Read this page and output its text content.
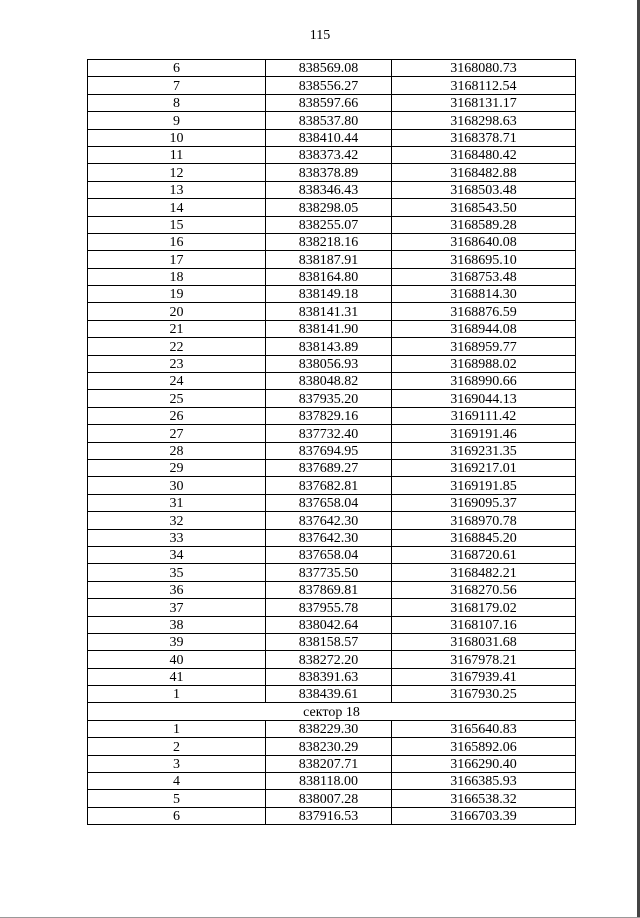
115
6	838569.08	3168080.73
7	838556.27	3168112.54
8	838597.66	3168131.17
9	838537.80	3168298.63
10	838410.44	3168378.71
11	838373.42	3168480.42
12	838378.89	3168482.88
13	838346.43	3168503.48
14	838298.05	3168543.50
15	838255.07	3168589.28
16	838218.16	3168640.08
17	838187.91	3168695.10
18	838164.80	3168753.48
19	838149.18	3168814.30
20	838141.31	3168876.59
21	838141.90	3168944.08
22	838143.89	3168959.77
23	838056.93	3168988.02
24	838048.82	3168990.66
25	837935.20	3169044.13
26	837829.16	3169111.42
27	837732.40	3169191.46
28	837694.95	3169231.35
29	837689.27	3169217.01
30	837682.81	3169191.85
31	837658.04	3169095.37
32	837642.30	3168970.78
33	837642.30	3168845.20
34	837658.04	3168720.61
35	837735.50	3168482.21
36	837869.81	3168270.56
37	837955.78	3168179.02
38	838042.64	3168107.16
39	838158.57	3168031.68
40	838272.20	3167978.21
41	838391.63	3167939.41
1	838439.61	3167930.25
сектор 18		
1	838229.30	3165640.83
2	838230.29	3165892.06
3	838207.71	3166290.40
4	838118.00	3166385.93
5	838007.28	3166538.32
6	837916.53	3166703.39
